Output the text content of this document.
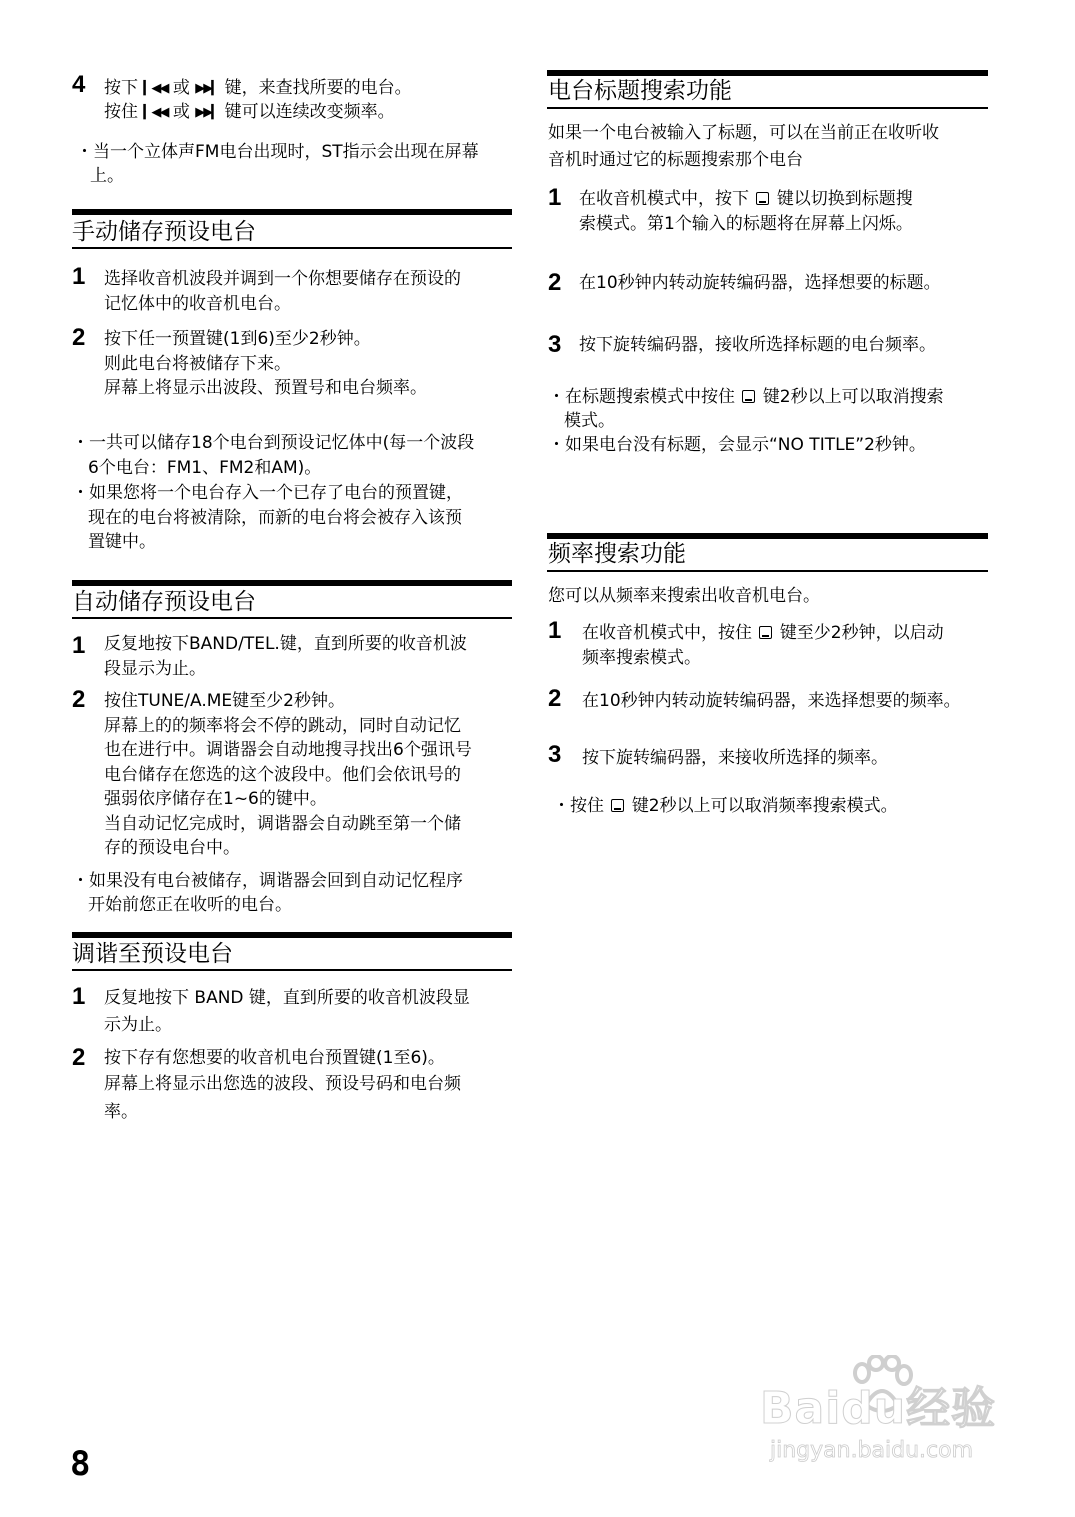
4 按下 ▎◀◀ 或 ▶▶▎ 键，来查找所要的电台。
按住 ▎◀◀ 或 ▶▶▎ 键可以连续改变频率。
・当一个立体声FM电台出现时，ST指示会出现在屏幕
上。
手动储存预设电台
1 选择收音机波段并调到一个你想要储存在预设的
记忆体中的收音机电台。
2 按下任一预置键(1到6)至少2秒钟。
则此电台将被储存下来。
屏幕上将显示出波段、预置号和电台频率。
・一共可以储存18个电台到预设记忆体中(每一个波段
6个电台：FM1、FM2和AM)。
・如果您将一个电台存入一个已存了电台的预置键，
现在的电台将被清除，而新的电台将会被存入该预
置键中。
自动储存预设电台
1 反复地按下BAND/TEL.键，直到所要的收音机波
段显示为止。
2 按住TUNE/A.ME键至少2秒钟。
屏幕上的的频率将会不停的跳动，同时自动记忆
也在进行中。调谐器会自动地搜寻找出6个强讯号
电台储存在您选的这个波段中。他们会依讯号的
强弱依序储存在1~6的键中。
当自动记忆完成时，调谐器会自动跳至第一个储
存的预设电台中。
・如果没有电台被储存，调谐器会回到自动记忆程序
开始前您正在收听的电台。
调谐至预设电台
1 反复地按下 BAND 键，直到所要的收音机波段显
示为止。
2 按下存有您想要的收音机电台预置键(1至6)。
屏幕上将显示出您选的波段、预设号码和电台频
率。
电台标题搜索功能
如果一个电台被输入了标题，可以在当前正在收听收
音机时通过它的标题搜索那个电台
1 在收音机模式中，按下 键以切换到标题搜
索模式。第1个输入的标题将在屏幕上闪烁。
2 在10秒钟内转动旋转编码器，选择想要的标题。
3 按下旋转编码器，接收所选择标题的电台频率。
・在标题搜索模式中按住 键2秒以上可以取消搜索
模式。
・如果电台没有标题，会显示“NO TITLE”2秒钟。
频率搜索功能
您可以从频率来搜索出收音机电台。
1 在收音机模式中，按住 键至少2秒钟，以启动
频率搜索模式。
2 在10秒钟内转动旋转编码器，来选择想要的频率。
3 按下旋转编码器，来接收所选择的频率。
・按住 键2秒以上可以取消频率搜索模式。
8
Baidu经验
jingyan.baidu.com
